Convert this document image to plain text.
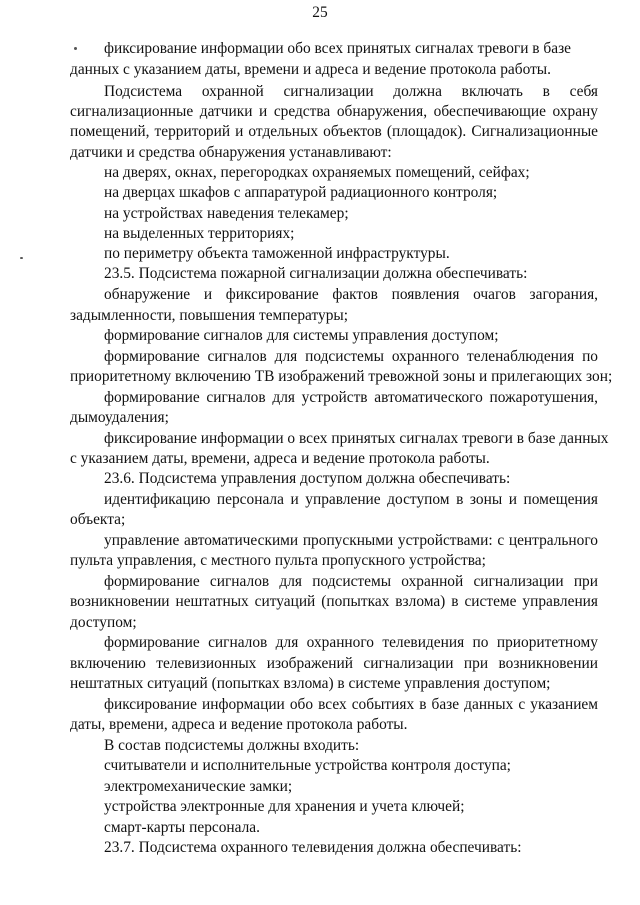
25
фиксирование информации обо всех принятых сигналах тревоги в базе
данных с указанием даты, времени и адреса и ведение протокола работы.
Подсистема охранной сигнализации должна включать в себя
сигнализационные датчики и средства обнаружения, обеспечивающие охрану
помещений, территорий и отдельных объектов (площадок). Сигнализационные
датчики и средства обнаружения устанавливают:
на дверях, окнах, перегородках охраняемых помещений, сейфах;
на дверцах шкафов с аппаратурой радиационного контроля;
на устройствах наведения телекамер;
на выделенных территориях;
по периметру объекта таможенной инфраструктуры.
23.5. Подсистема пожарной сигнализации должна обеспечивать:
обнаружение и фиксирование фактов появления очагов загорания,
задымленности, повышения температуры;
формирование сигналов для системы управления доступом;
формирование сигналов для подсистемы охранного теленаблюдения по
приоритетному включению ТВ изображений тревожной зоны и прилегающих зон;
формирование сигналов для устройств автоматического пожаротушения,
дымоудаления;
фиксирование информации о всех принятых сигналах тревоги в базе данных
с указанием даты, времени, адреса и ведение протокола работы.
23.6. Подсистема управления доступом должна обеспечивать:
идентификацию персонала и управление доступом в зоны и помещения
объекта;
управление автоматическими пропускными устройствами: с центрального
пульта управления, с местного пульта пропускного устройства;
формирование сигналов для подсистемы охранной сигнализации при
возникновении нештатных ситуаций (попытках взлома) в системе управления
доступом;
формирование сигналов для охранного телевидения по приоритетному
включению телевизионных изображений сигнализации при возникновении
нештатных ситуаций (попытках взлома) в системе управления доступом;
фиксирование информации обо всех событиях в базе данных с указанием
даты, времени, адреса и ведение протокола работы.
В состав подсистемы должны входить:
считыватели и исполнительные устройства контроля доступа;
электромеханические замки;
устройства электронные для хранения и учета ключей;
смарт-карты персонала.
23.7. Подсистема охранного телевидения должна обеспечивать:
